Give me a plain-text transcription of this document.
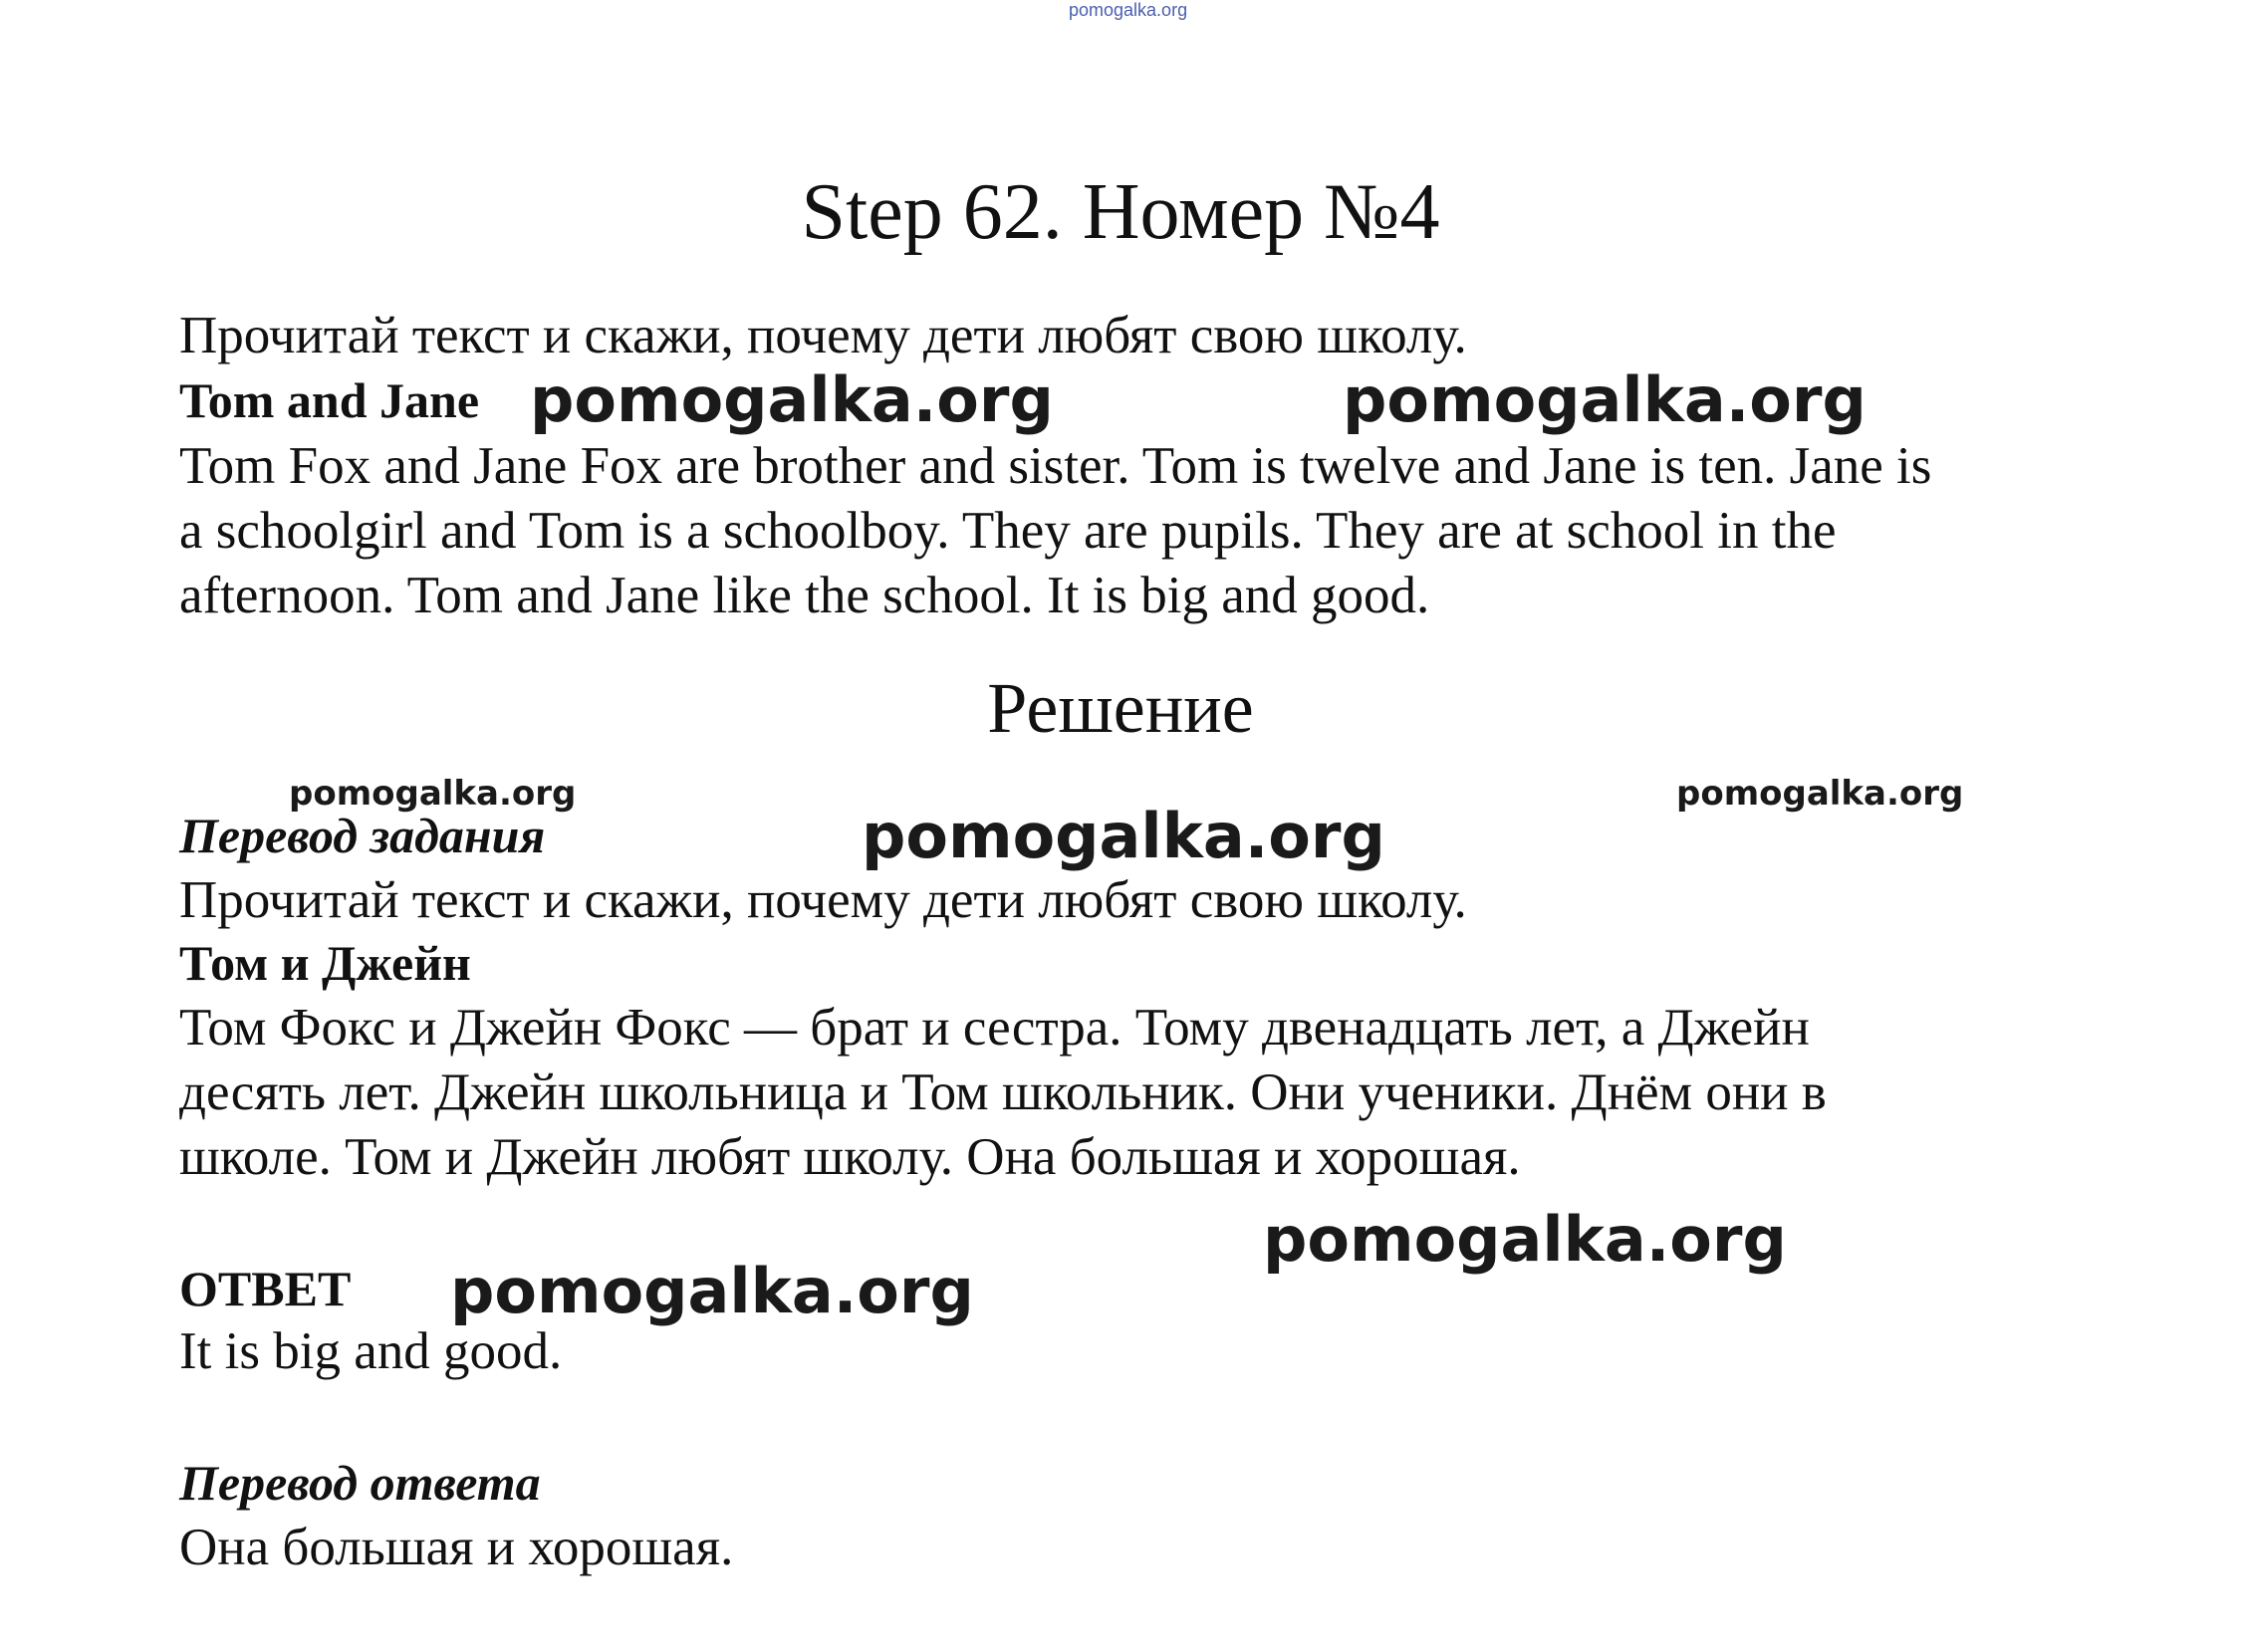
pomogalka.org
Step 62. Номер №4
Прочитай текст и скажи, почему дети любят свою школу.
Tom and Jane
Tom Fox and Jane Fox are brother and sister. Tom is twelve and Jane is ten. Jane is
a schoolgirl and Tom is a schoolboy. They are pupils. They are at school in the
afternoon. Tom and Jane like the school. It is big and good.
Решение
Перевод задания
Прочитай текст и скажи, почему дети любят свою школу.
Том и Джейн
Том Фокс и Джейн Фокс — брат и сестра. Тому двенадцать лет, а Джейн
десять лет. Джейн школьница и Том школьник. Они ученики. Днём они в
школе. Том и Джейн любят школу. Она большая и хорошая.
ОТВЕТ
It is big and good.
Перевод ответа
Она большая и хорошая.
pomogalka.org	pomogalka.org
pomogalka.org	pomogalka.org
pomogalka.org
pomogalka.org
pomogalka.org
